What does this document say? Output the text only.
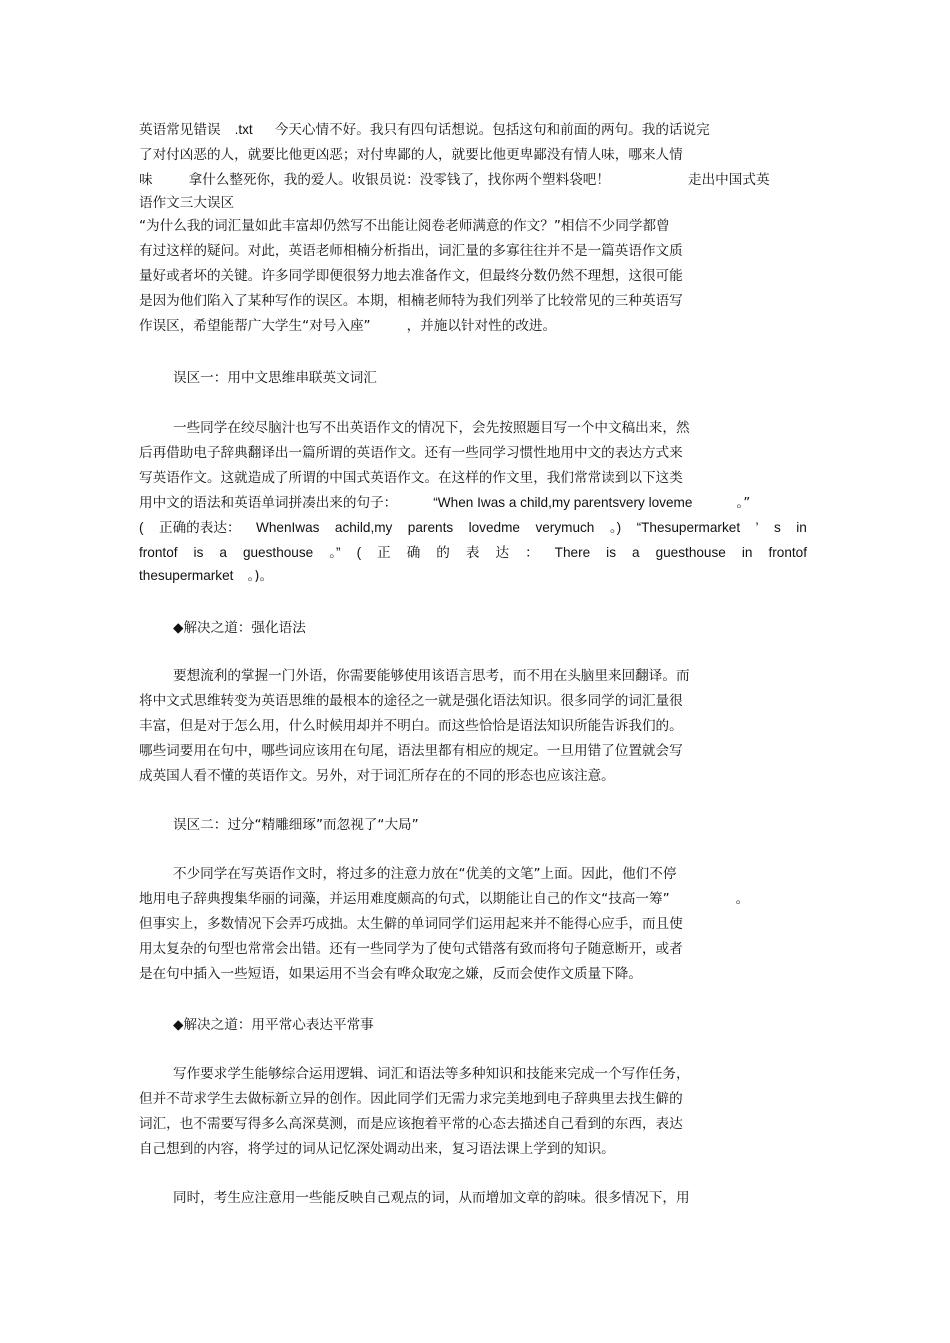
英语常见错误 .txt 今天心情不好。我只有四句话想说。包括这句和前面的两句。我的话说完
了对付凶恶的人，就要比他更凶恶；对付卑鄙的人，就要比他更卑鄙没有情人味，哪来人情
味	拿什么整死你，我的爱人。收银员说：没零钱了，找你两个塑料袋吧！	走出中国式英
语作文三大误区
“为什么我的词汇量如此丰富却仍然写不出能让阅卷老师满意的作文？”相信不少同学都曾
有过这样的疑问。对此，英语老师相楠分析指出，词汇量的多寡往往并不是一篇英语作文质
量好或者坏的关键。许多同学即便很努力地去准备作文，但最终分数仍然不理想，这很可能
是因为他们陷入了某种写作的误区。本期，相楠老师特为我们列举了比较常见的三种英语写
作误区，希望能帮广大学生“对号入座”	，并施以针对性的改进。
误区一：用中文思维串联英文词汇
一些同学在绞尽脑汁也写不出英语作文的情况下，会先按照题目写一个中文稿出来，然
后再借助电子辞典翻译出一篇所谓的英语作文。还有一些同学习惯性地用中文的表达方式来
写英语作文。这就造成了所谓的中国式英语作文。在这样的作文里，我们常常读到以下这类
用中文的语法和英语单词拼凑出来的句子：	“When Iwas a child,my parentsvery loveme	。”
( 正确的表达： WhenIwas achild,my parents lovedme verymuch 。) “Thesupermarket ’ s in
frontof is a guesthouse 。” ( 正 确 的 表 达 ： There is a guesthouse in frontof
thesupermarket 。)。
◆解决之道：强化语法
要想流利的掌握一门外语，你需要能够使用该语言思考，而不用在头脑里来回翻译。而
将中文式思维转变为英语思维的最根本的途径之一就是强化语法知识。很多同学的词汇量很
丰富，但是对于怎么用，什么时候用却并不明白。而这些恰恰是语法知识所能告诉我们的。
哪些词要用在句中，哪些词应该用在句尾，语法里都有相应的规定。一旦用错了位置就会写
成英国人看不懂的英语作文。另外，对于词汇所存在的不同的形态也应该注意。
误区二：过分“精雕细琢”而忽视了“大局”
不少同学在写英语作文时，将过多的注意力放在“优美的文笔”上面。因此，他们不停
地用电子辞典搜集华丽的词藻，并运用难度颇高的句式，以期能让自己的作文“技高一筹”	。
但事实上，多数情况下会弄巧成拙。太生僻的单词同学们运用起来并不能得心应手，而且使
用太复杂的句型也常常会出错。还有一些同学为了使句式错落有致而将句子随意断开，或者
是在句中插入一些短语，如果运用不当会有哗众取宠之嫌，反而会使作文质量下降。
◆解决之道：用平常心表达平常事
写作要求学生能够综合运用逻辑、词汇和语法等多种知识和技能来完成一个写作任务，
但并不苛求学生去做标新立异的创作。因此同学们无需力求完美地到电子辞典里去找生僻的
词汇，也不需要写得多么高深莫测，而是应该抱着平常的心态去描述自己看到的东西，表达
自己想到的内容，将学过的词从记忆深处调动出来，复习语法课上学到的知识。
同时，考生应注意用一些能反映自己观点的词，从而增加文章的韵味。很多情况下，用
